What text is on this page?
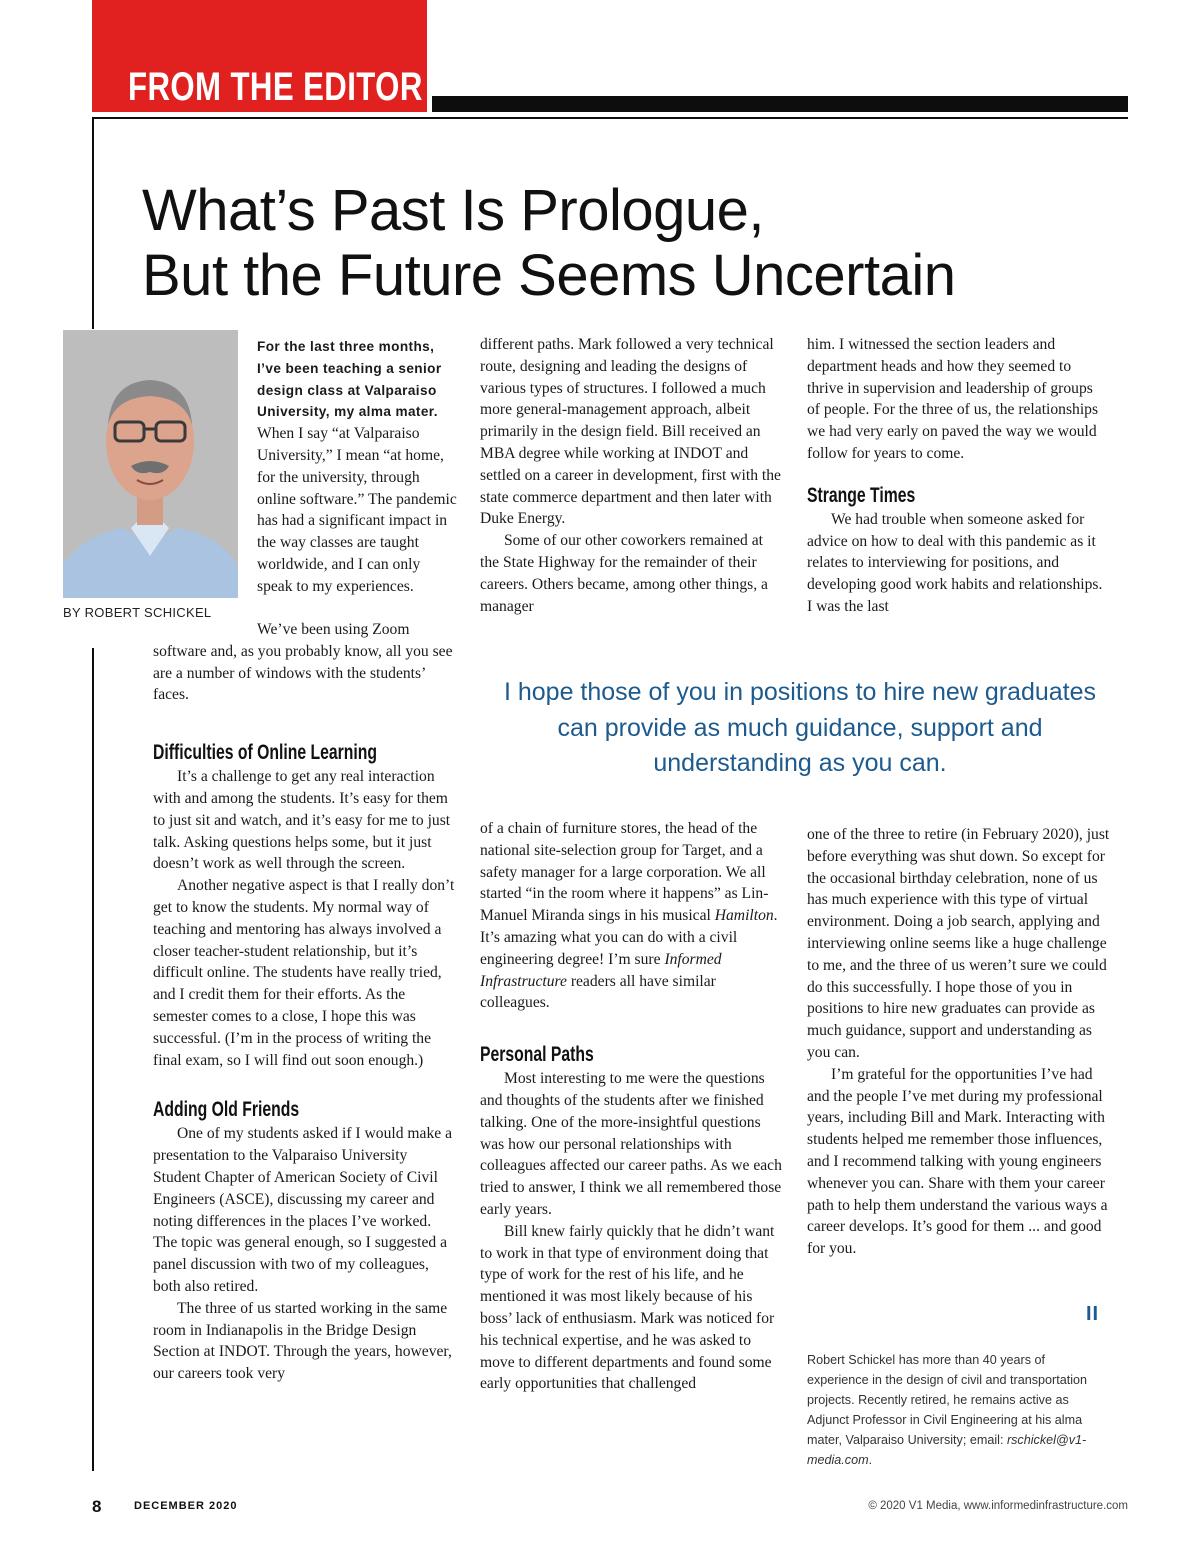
FROM THE EDITOR
What’s Past Is Prologue,
But the Future Seems Uncertain
BY ROBERT SCHICKEL

For the last three months, I’ve been teaching a senior design class at Valparaiso University, my alma mater. When I say “at Valparaiso University,” I mean “at home, for the university, through online software.” The pandemic has had a significant impact in the way classes are taught worldwide, and I can only speak to my experiences.

We’ve been using Zoom software and, as you probably know, all you see are a number of windows with the students’ faces.

Difficulties of Online Learning

It’s a challenge to get any real interaction with and among the students. It’s easy for them to just sit and watch, and it’s easy for me to just talk. Asking questions helps some, but it just doesn’t work as well through the screen.

Another negative aspect is that I really don’t get to know the students. My normal way of teaching and mentoring has always involved a closer teacher-student relationship, but it’s difficult online. The students have really tried, and I credit them for their efforts. As the semester comes to a close, I hope this was successful. (I’m in the process of writing the final exam, so I will find out soon enough.)

Adding Old Friends

One of my students asked if I would make a presentation to the Valparaiso University Student Chapter of American Society of Civil Engineers (ASCE), discussing my career and noting differences in the places I’ve worked. The topic was general enough, so I suggested a panel discussion with two of my colleagues, both also retired.

The three of us started working in the same room in Indianapolis in the Bridge Design Section at INDOT. Through the years, however, our careers took very

different paths. Mark followed a very technical route, designing and leading the designs of various types of structures. I followed a much more general-management approach, albeit primarily in the design field. Bill received an MBA degree while working at INDOT and settled on a career in development, first with the state commerce department and then later with Duke Energy.

Some of our other coworkers remained at the State Highway for the remainder of their careers. Others became, among other things, a manager

him. I witnessed the section leaders and department heads and how they seemed to thrive in supervision and leadership of groups of people. For the three of us, the relationships we had very early on paved the way we would follow for years to come.

Strange Times

We had trouble when someone asked for advice on how to deal with this pandemic as it relates to interviewing for positions, and developing good work habits and relationships. I was the last

I hope those of you in positions to hire new graduates can provide as much guidance, support and understanding as you can.

of a chain of furniture stores, the head of the national site-selection group for Target, and a safety manager for a large corporation. We all started “in the room where it happens” as Lin-Manuel Miranda sings in his musical Hamilton. It’s amazing what you can do with a civil engineering degree! I’m sure Informed Infrastructure readers all have similar colleagues.

Personal Paths

Most interesting to me were the questions and thoughts of the students after we finished talking. One of the more-insightful questions was how our personal relationships with colleagues affected our career paths. As we each tried to answer, I think we all remembered those early years.

Bill knew fairly quickly that he didn’t want to work in that type of environment doing that type of work for the rest of his life, and he mentioned it was most likely because of his boss’ lack of enthusiasm. Mark was noticed for his technical expertise, and he was asked to move to different departments and found some early opportunities that challenged

one of the three to retire (in February 2020), just before everything was shut down. So except for the occasional birthday celebration, none of us has much experience with this type of virtual environment. Doing a job search, applying and interviewing online seems like a huge challenge to me, and the three of us weren’t sure we could do this successfully. I hope those of you in positions to hire new graduates can provide as much guidance, support and understanding as you can.

I’m grateful for the opportunities I’ve had and the people I’ve met during my professional years, including Bill and Mark. Interacting with students helped me remember those influences, and I recommend talking with young engineers whenever you can. Share with them your career path to help them understand the various ways a career develops. It’s good for them ... and good for you.

II
Robert Schickel has more than 40 years of experience in the design of civil and transportation projects. Recently retired, he remains active as Adjunct Professor in Civil Engineering at his alma mater, Valparaiso University; email: rschickel@v1-media.com.
8	DECEMBER 2020	© 2020 V1 Media, www.informedinfrastructure.com
